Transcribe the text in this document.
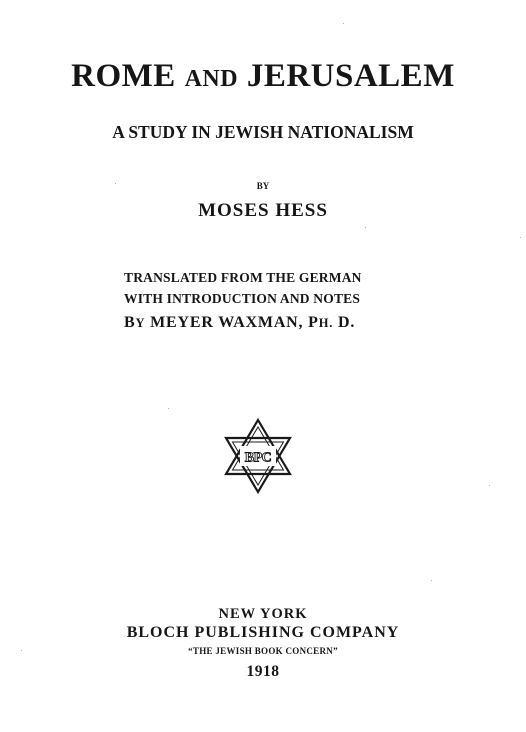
ROME AND JERUSALEM
A STUDY IN JEWISH NATIONALISM
BY
MOSES HESS
TRANSLATED FROM THE GERMAN
WITH INTRODUCTION AND NOTES
BY MEYER WAXMAN, PH. D.
BPC
NEW YORK
BLOCH PUBLISHING COMPANY
“THE JEWISH BOOK CONCERN”
1918
